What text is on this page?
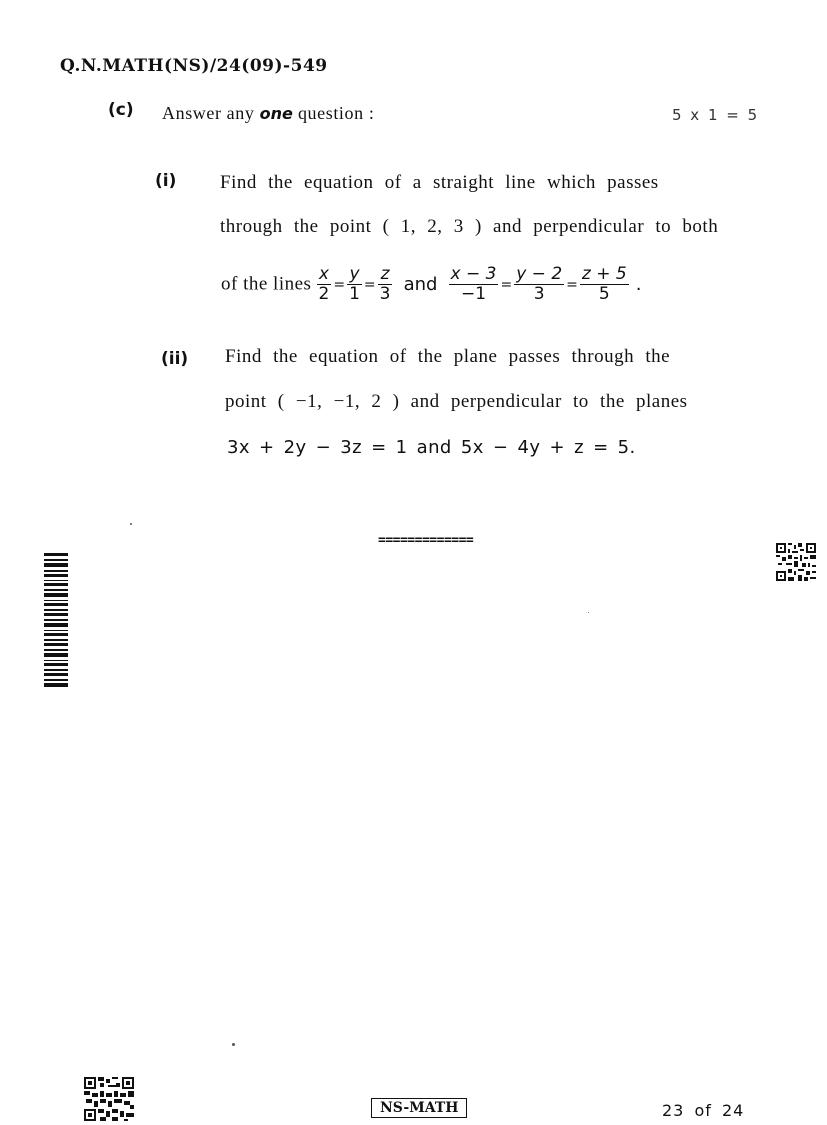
Q.N.MATH(NS)/24(09)-549
(c) Answer any one question :	5 x 1 = 5
(i) Find the equation of a straight line which passes
through the point ( 1, 2, 3 ) and perpendicular to both
of the lines $\frac{x}{2} = \frac{y}{1} = \frac{z}{3}$ and $\frac{x - 3}{-1} = \frac{y - 2}{3} = \frac{z + 5}{5}$ .
(ii) Find the equation of the plane passes through the
point ( −1, −1, 2 ) and perpendicular to the planes
3x + 2y − 3z = 1 and 5x − 4y + z = 5.
=============
NS-MATH	23 of 24
